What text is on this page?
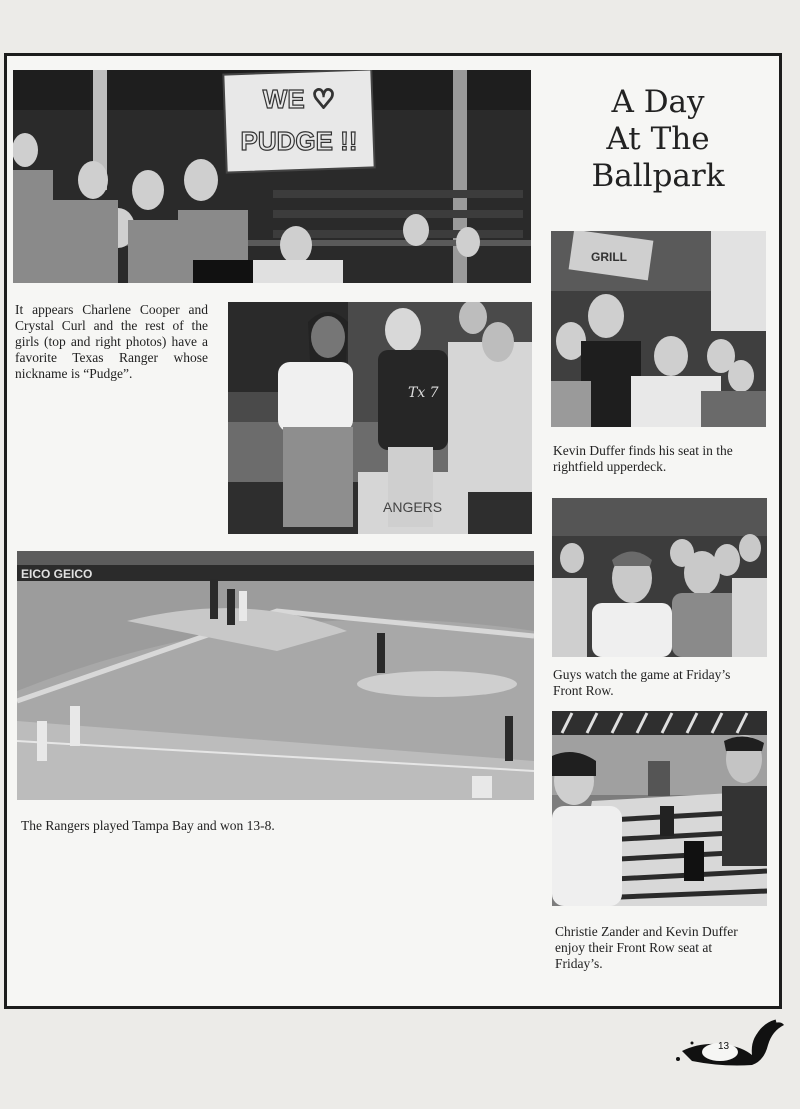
A Day
At The
Ballpark
WE ♡
PUDGE !!
It appears Charlene Cooper and Crystal Curl and the rest of the girls (top and right photos) have a favorite Texas Ranger whose nickname is “Pudge”.
Tx 7
ANGERS
GRILL
Kevin Duffer finds his seat in the rightfield upperdeck.
EICO GEICO
The Rangers played Tampa Bay and won 13-8.
Guys watch the game at Friday’s Front Row.
Christie Zander and Kevin Duffer enjoy their Front Row seat at Friday’s.
13
